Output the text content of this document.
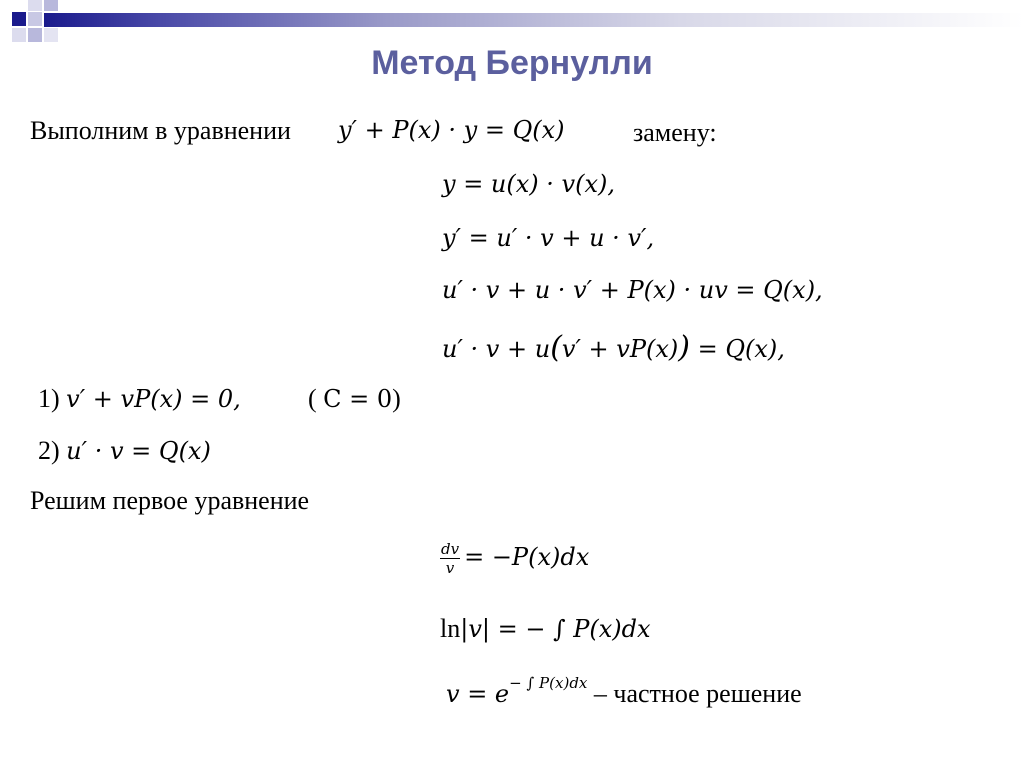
Метод Бернулли
Выполним в уравнении y′ + P(x) · y = Q(x)	замену:
y = u(x) · v(x),
y′ = u′ · v + u · v′,
u′ · v + u · v′ + P(x) · uv = Q(x),
u′ · v + u(v′ + vP(x)) = Q(x),
1) v′ + vP(x) = 0,	( C = 0)
2) u′ · v = Q(x)
Решим первое уравнение
$\frac{dv}{v} = -P(x)dx$
ln|v| = − ∫ P(x)dx
$v = e^{- \int P(x)dx}$ – частное решение
